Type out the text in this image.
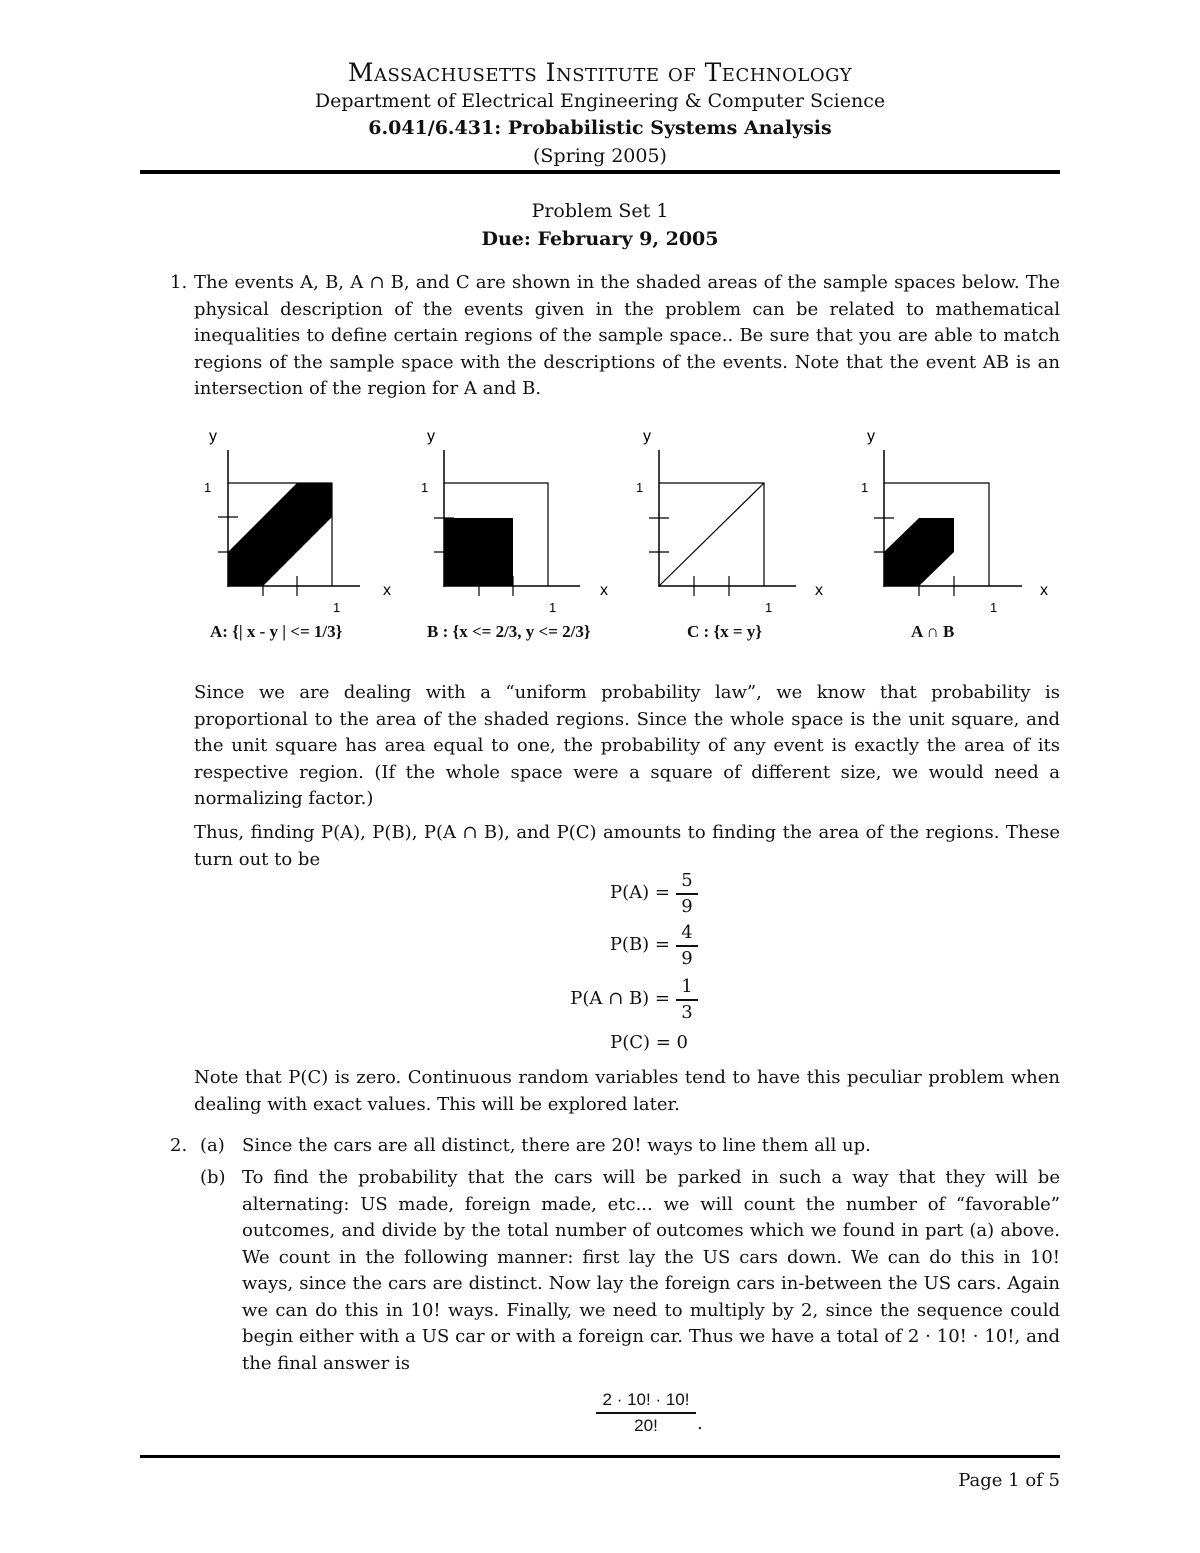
Massachusetts Institute of Technology
Department of Electrical Engineering & Computer Science
6.041/6.431: Probabilistic Systems Analysis
(Spring 2005)
Problem Set 1
Due: February 9, 2005
1. The events A, B, A ∩ B, and C are shown in the shaded areas of the sample spaces below. The physical description of the events given in the problem can be related to mathematical inequalities to define certain regions of the sample space.. Be sure that you are able to match regions of the sample space with the descriptions of the events. Note that the event AB is an intersection of the region for A and B.

y
x
1
1
y
x
1
1
y
x
1
1
y
x
1
1
A: {| x - y | <= 1/3}	B : {x <= 2/3, y <= 2/3}	C : {x = y}	A ∩ B

Since we are dealing with a “uniform probability law”, we know that probability is proportional to the area of the shaded regions. Since the whole space is the unit square, and the unit square has area equal to one, the probability of any event is exactly the area of its respective region. (If the whole space were a square of different size, we would need a normalizing factor.)

Thus, finding P(A), P(B), P(A ∩ B), and P(C) amounts to finding the area of the regions. These turn out to be

P(A) =
5
9
P(B) =
4
9
P(A ∩ B) =
1
3
P(C) = 0

Note that P(C) is zero. Continuous random variables tend to have this peculiar problem when dealing with exact values. This will be explored later.

2. (a) Since the cars are all distinct, there are 20! ways to line them all up.

(b) To find the probability that the cars will be parked in such a way that they will be alternating: US made, foreign made, etc... we will count the number of “favorable” outcomes, and divide by the total number of outcomes which we found in part (a) above. We count in the following manner: first lay the US cars down. We can do this in 10! ways, since the cars are distinct. Now lay the foreign cars in-between the US cars. Again we can do this in 10! ways. Finally, we need to multiply by 2, since the sequence could begin either with a US car or with a foreign car. Thus we have a total of 2 · 10! · 10!, and the final answer is

2 · 10! · 10!
20!	.
Page 1 of 5
